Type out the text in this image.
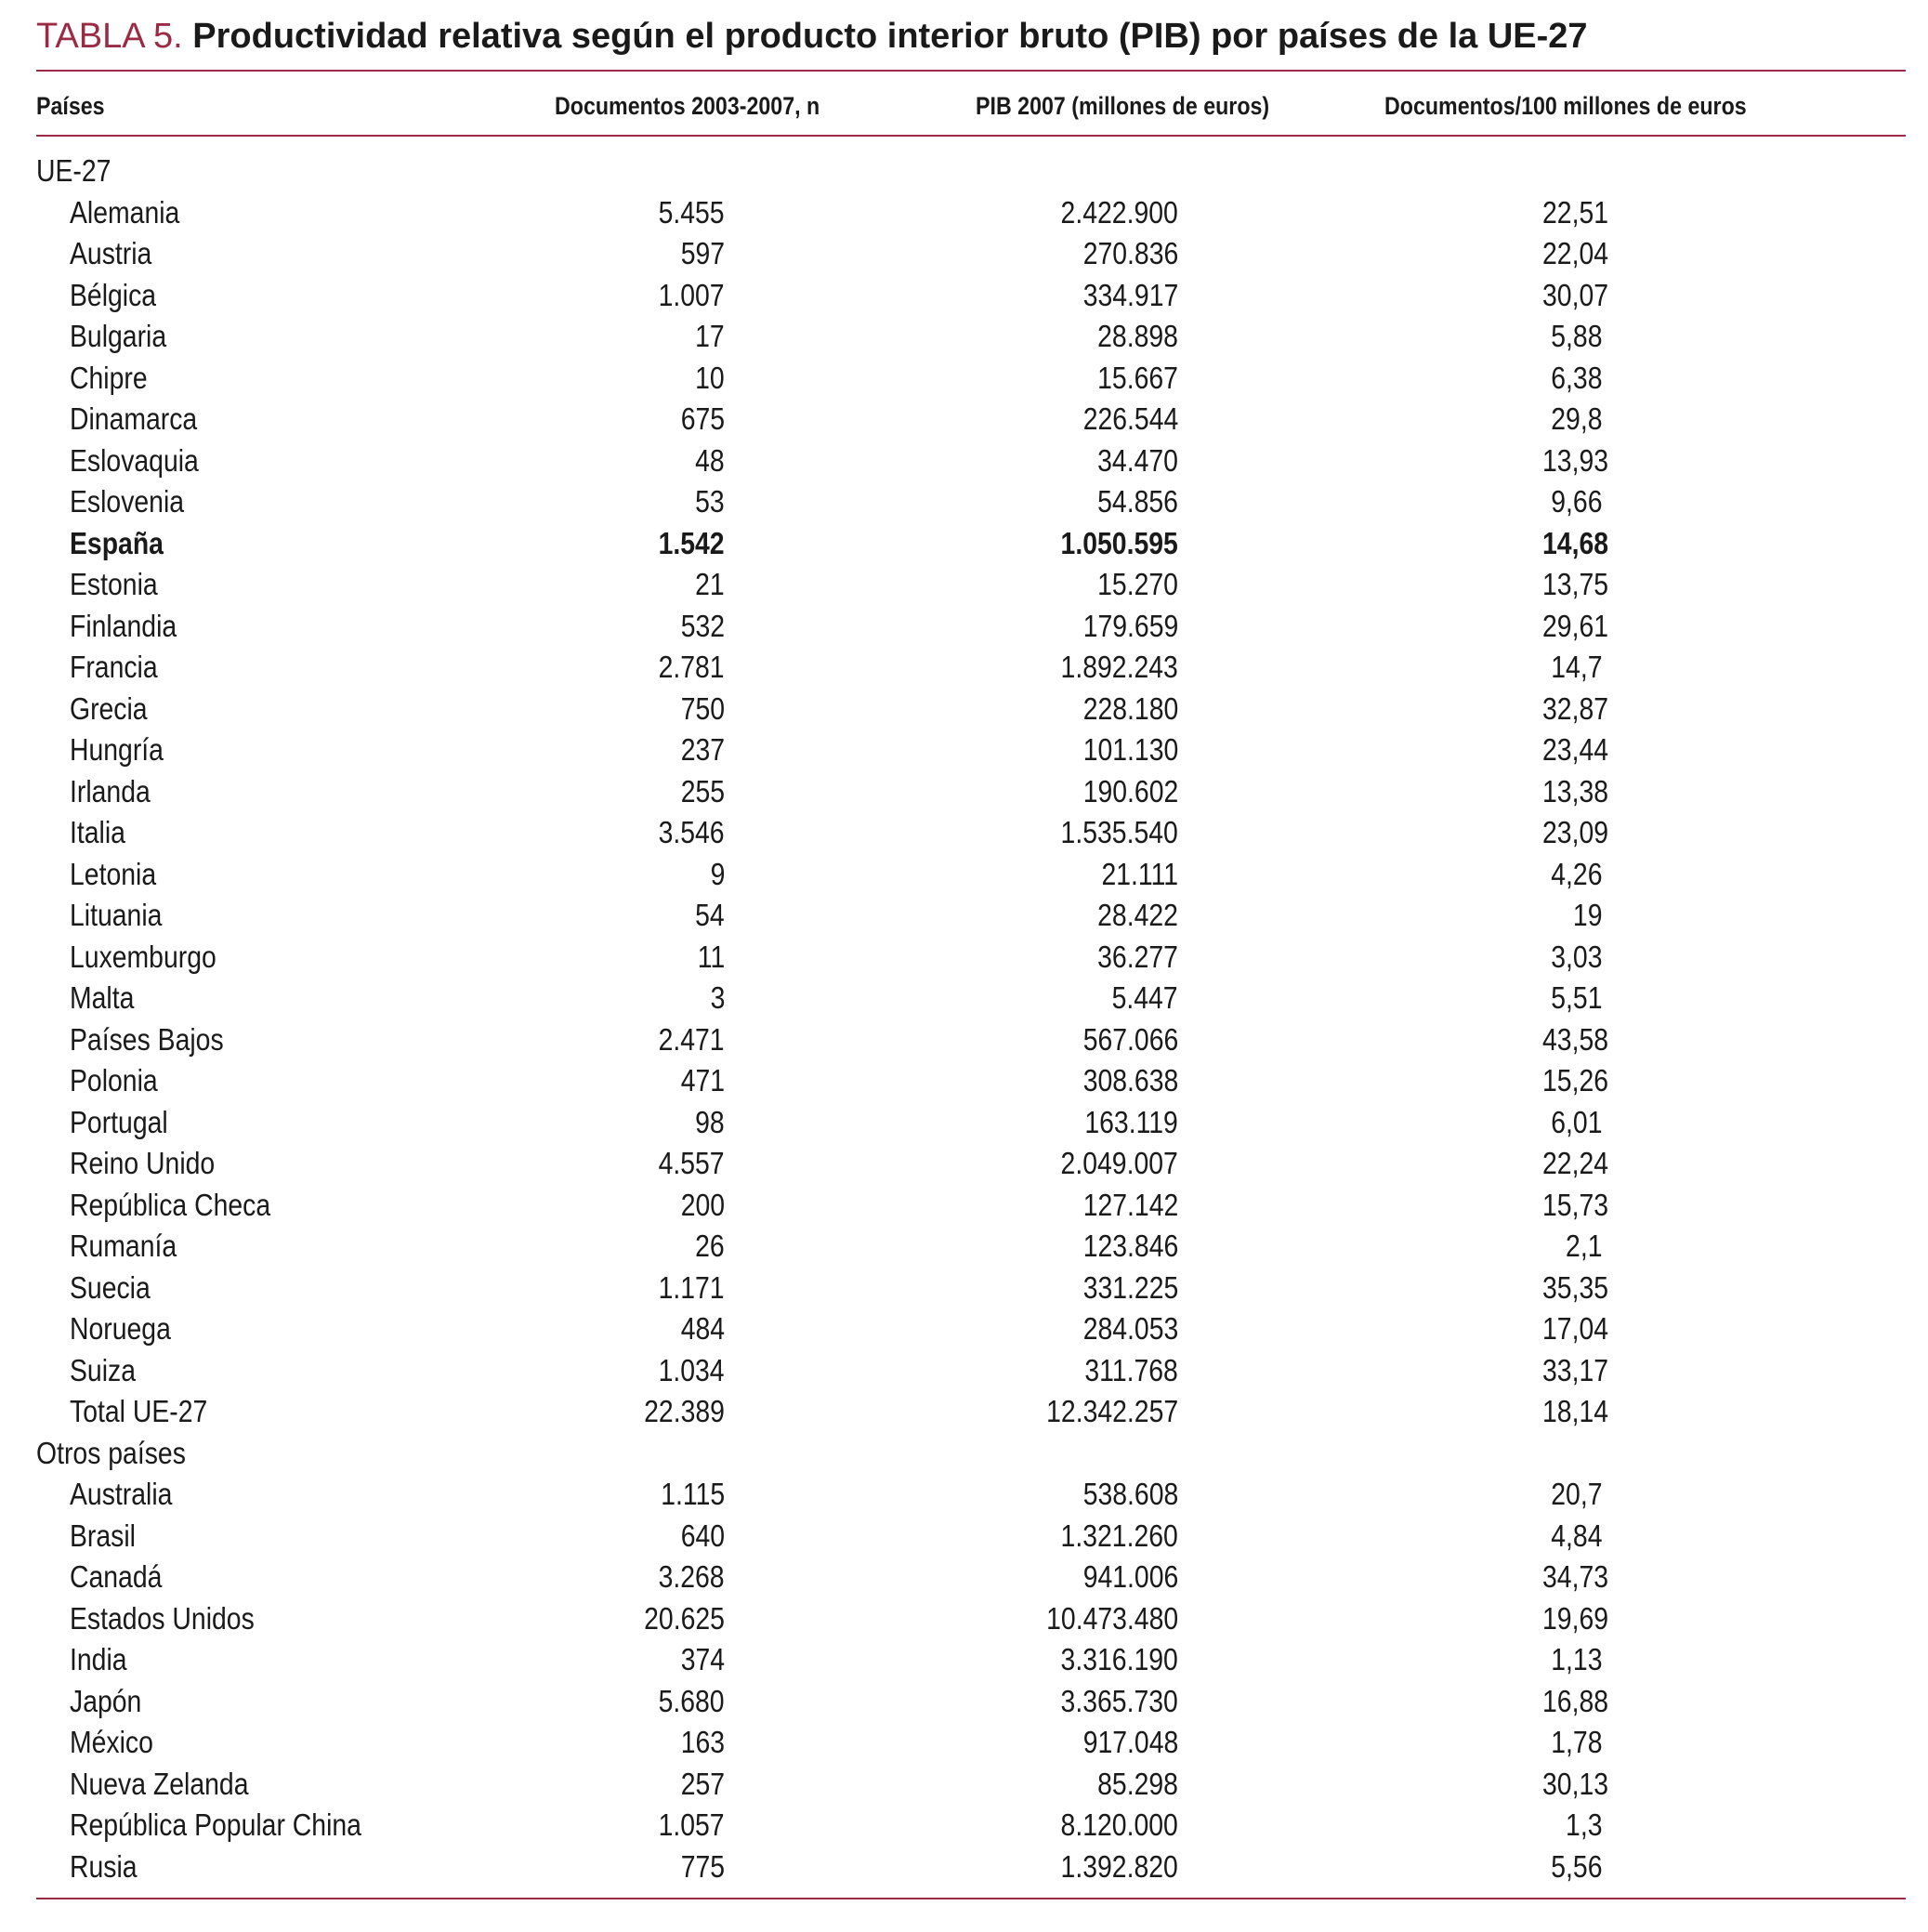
TABLA 5. Productividad relativa según el producto interior bruto (PIB) por países de la UE-27
Países	Documentos 2003-2007, n	PIB 2007 (millones de euros)	Documentos/100 millones de euros
UE-27
Alemania	5.455	2.422.900	22,51
Austria	597	270.836	22,04
Bélgica	1.007	334.917	30,07
Bulgaria	17	28.898	5,88
Chipre	10	15.667	6,38
Dinamarca	675	226.544	29,8
Eslovaquia	48	34.470	13,93
Eslovenia	53	54.856	9,66
España	1.542	1.050.595	14,68
Estonia	21	15.270	13,75
Finlandia	532	179.659	29,61
Francia	2.781	1.892.243	14,7
Grecia	750	228.180	32,87
Hungría	237	101.130	23,44
Irlanda	255	190.602	13,38
Italia	3.546	1.535.540	23,09
Letonia	9	21.111	4,26
Lituania	54	28.422	19
Luxemburgo	11	36.277	3,03
Malta	3	5.447	5,51
Países Bajos	2.471	567.066	43,58
Polonia	471	308.638	15,26
Portugal	98	163.119	6,01
Reino Unido	4.557	2.049.007	22,24
República Checa	200	127.142	15,73
Rumanía	26	123.846	2,1
Suecia	1.171	331.225	35,35
Noruega	484	284.053	17,04
Suiza	1.034	311.768	33,17
Total UE-27	22.389	12.342.257	18,14
Otros países
Australia	1.115	538.608	20,7
Brasil	640	1.321.260	4,84
Canadá	3.268	941.006	34,73
Estados Unidos	20.625	10.473.480	19,69
India	374	3.316.190	1,13
Japón	5.680	3.365.730	16,88
México	163	917.048	1,78
Nueva Zelanda	257	85.298	30,13
República Popular China	1.057	8.120.000	1,3
Rusia	775	1.392.820	5,56
